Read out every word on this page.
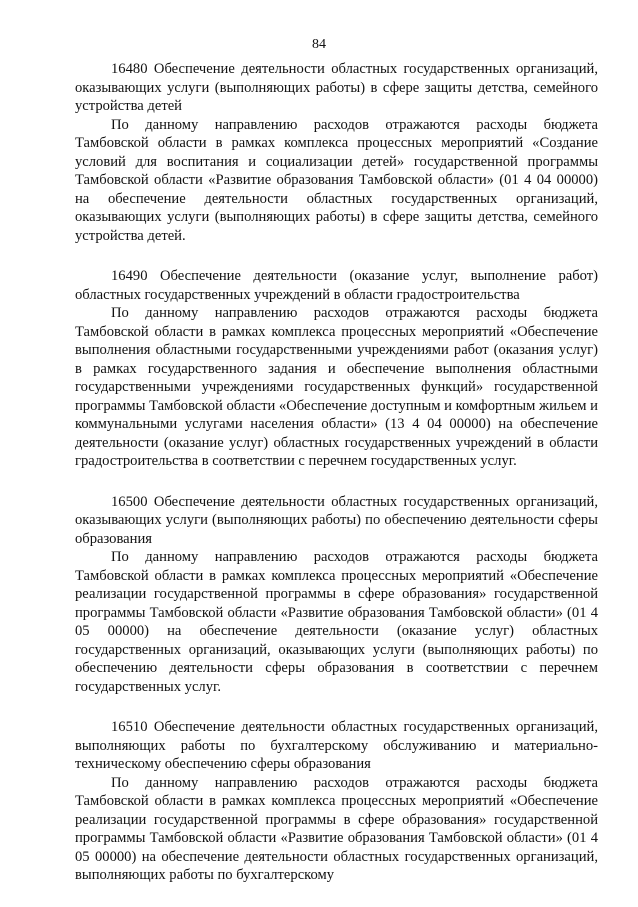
84

16480 Обеспечение деятельности областных государственных организаций, оказывающих услуги (выполняющих работы) в сфере защиты детства, семейного устройства детей

По данному направлению расходов отражаются расходы бюджета Тамбовской области в рамках комплекса процессных мероприятий «Создание условий для воспитания и социализации детей» государственной программы Тамбовской области «Развитие образования Тамбовской области» (01 4 04 00000) на обеспечение деятельности областных государственных организаций, оказывающих услуги (выполняющих работы) в сфере защиты детства, семейного устройства детей.

16490 Обеспечение деятельности (оказание услуг, выполнение работ) областных государственных учреждений в области градостроительства

По данному направлению расходов отражаются расходы бюджета Тамбовской области в рамках комплекса процессных мероприятий «Обеспечение выполнения областными государственными учреждениями работ (оказания услуг) в рамках государственного задания и обеспечение выполнения областными государственными учреждениями государственных функций» государственной программы Тамбовской области «Обеспечение доступным и комфортным жильем и коммунальными услугами населения области» (13 4 04 00000) на обеспечение деятельности (оказание услуг) областных государственных учреждений в области градостроительства в соответствии с перечнем государственных услуг.

16500 Обеспечение деятельности областных государственных организаций, оказывающих услуги (выполняющих работы) по обеспечению деятельности сферы образования

По данному направлению расходов отражаются расходы бюджета Тамбовской области в рамках комплекса процессных мероприятий «Обеспечение реализации государственной программы в сфере образования» государственной программы Тамбовской области «Развитие образования Тамбовской области» (01 4 05 00000) на обеспечение деятельности (оказание услуг) областных государственных организаций, оказывающих услуги (выполняющих работы) по обеспечению деятельности сферы образования в соответствии с перечнем государственных услуг.

16510 Обеспечение деятельности областных государственных организаций, выполняющих работы по бухгалтерскому обслуживанию и материально-техническому обеспечению сферы образования

По данному направлению расходов отражаются расходы бюджета Тамбовской области в рамках комплекса процессных мероприятий «Обеспечение реализации государственной программы в сфере образования» государственной программы Тамбовской области «Развитие образования Тамбовской области» (01 4 05 00000) на обеспечение деятельности областных государственных организаций, выполняющих работы по бухгалтерскому
